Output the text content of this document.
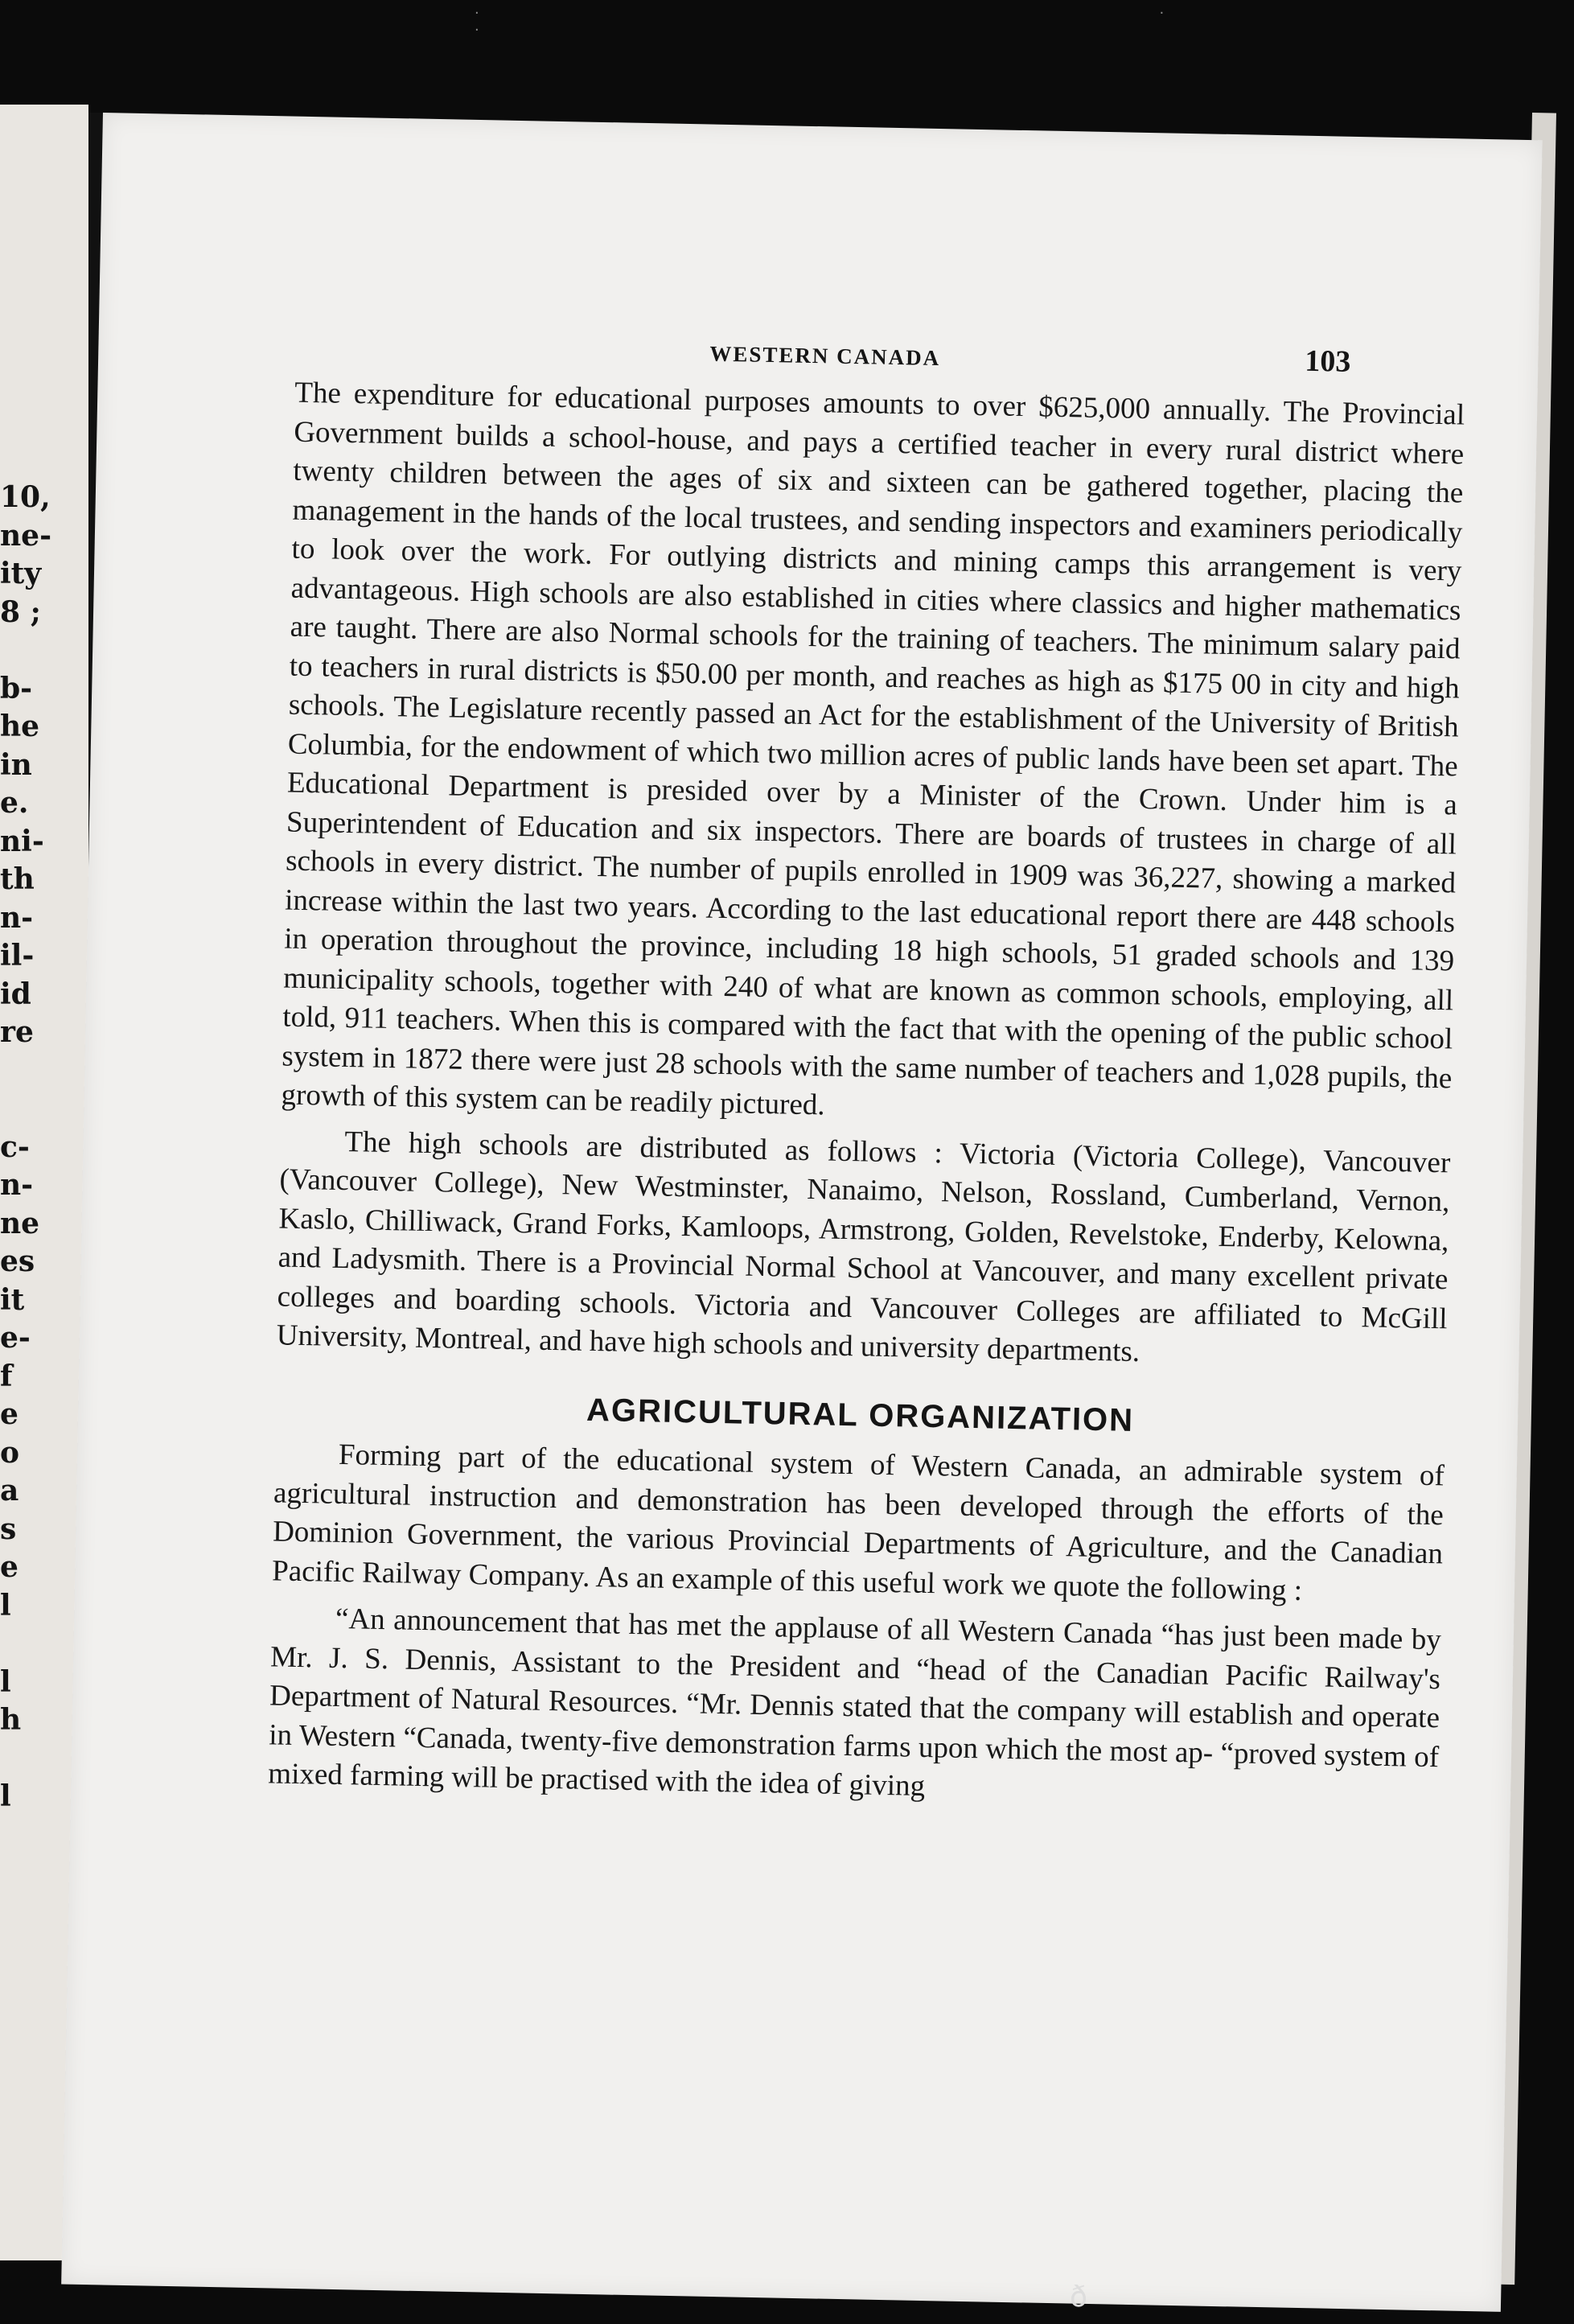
· · ·
10,
ne-
ity
8 ;
b-
he
in
e.
ni-
th
n-
il-
id
re
c-
n-
ne
es
it
e-
f
e
o
a
s
e
l
l
h
l
WESTERN CANADA	103

The expenditure for educational purposes amounts to over $625,000 annually. The Provincial Government builds a school-house, and pays a certified teacher in every rural district where twenty children between the ages of six and sixteen can be gathered together, placing the management in the hands of the local trustees, and sending inspectors and examiners periodically to look over the work. For outlying districts and mining camps this arrangement is very advantageous. High schools are also established in cities where classics and higher mathematics are taught. There are also Normal schools for the training of teachers. The minimum salary paid to teachers in rural districts is $50.00 per month, and reaches as high as $175 00 in city and high schools. The Legislature recently passed an Act for the establishment of the University of British Columbia, for the endowment of which two million acres of public lands have been set apart. The Educational Department is presided over by a Minister of the Crown. Under him is a Superintendent of Education and six inspectors. There are boards of trustees in charge of all schools in every district. The number of pupils enrolled in 1909 was 36,227, showing a marked increase within the last two years. According to the last educational report there are 448 schools in operation throughout the province, including 18 high schools, 51 graded schools and 139 municipality schools, together with 240 of what are known as common schools, employing, all told, 911 teachers. When this is compared with the fact that with the opening of the public school system in 1872 there were just 28 schools with the same number of teachers and 1,028 pupils, the growth of this system can be readily pictured.

The high schools are distributed as follows : Victoria (Victoria College), Vancouver (Vancouver College), New Westminster, Nanaimo, Nelson, Rossland, Cumberland, Vernon, Kaslo, Chilliwack, Grand Forks, Kamloops, Armstrong, Golden, Revelstoke, Enderby, Kelowna, and Ladysmith. There is a Provincial Normal School at Vancouver, and many excellent private colleges and boarding schools. Victoria and Vancouver Colleges are affiliated to McGill University, Montreal, and have high schools and university departments.

AGRICULTURAL ORGANIZATION

Forming part of the educational system of Western Canada, an admirable system of agricultural instruction and demonstration has been developed through the efforts of the Dominion Government, the various Provincial Departments of Agriculture, and the Canadian Pacific Railway Company. As an example of this useful work we quote the following :

“An announcement that has met the applause of all Western Canada “has just been made by Mr. J. S. Dennis, Assistant to the President and “head of the Canadian Pacific Railway's Department of Natural Resources. “Mr. Dennis stated that the company will establish and operate in Western “Canada, twenty-five demonstration farms upon which the most ap- “proved system of mixed farming will be practised with the idea of giving

ð
